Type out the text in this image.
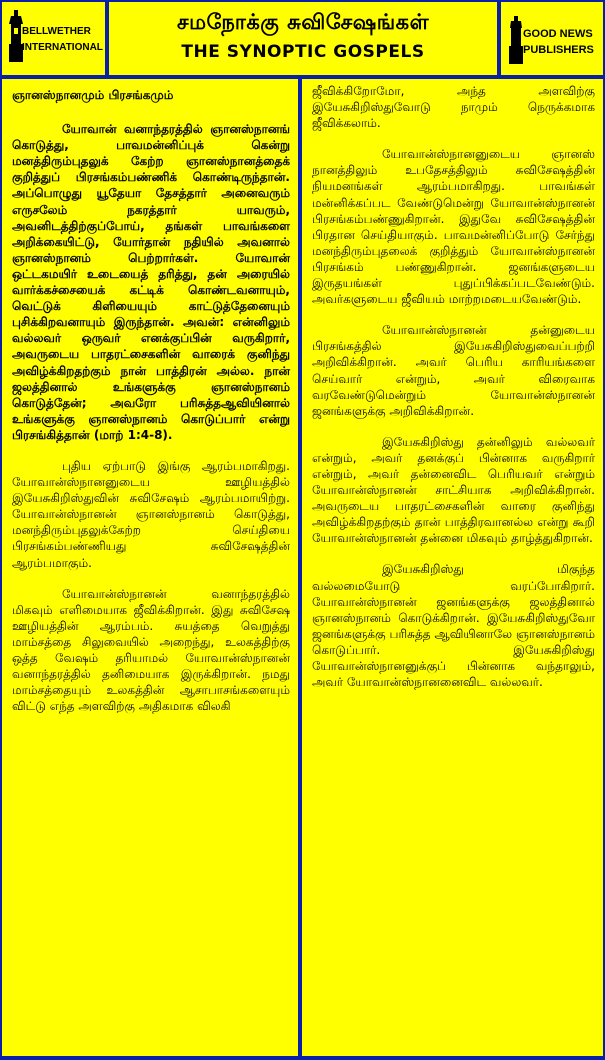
BELLWETHER
INTERNATIONAL
சமநோக்கு சுவிசேஷங்கள்
THE SYNOPTIC GOSPELS
GOOD NEWS
PUBLISHERS

ஞானஸ்நானமும் பிரசங்கமும்

யோவான் வனாந்தரத்தில் ஞானஸ்நானங் கொடுத்து, பாவமன்னிப்புக் கென்று மனத்திரும்புதலுக் கேற்ற ஞானஸ்நானத்தைக் குறித்துப் பிரசங்கம்பண்ணிக் கொண்டிருந்தான். அப்பொழுது யூதேயா தேசத்தார் அனைவரும் எருசலேம் நகரத்தார் யாவரும், அவனிடத்திற்குப்போய், தங்கள் பாவங்களை அறிக்கையிட்டு, யோர்தான் நதியில் அவனால் ஞானஸ்நானம் பெற்றார்கள். யோவான் ஒட்டகமயிர் உடையைத் தரித்து, தன் அரையில் வார்க்கச்சையைக் கட்டிக் கொண்டவனாயும், வெட்டுக் கிளியையும் காட்டுத்தேனையும் புசிக்கிறவனாயும் இருந்தான். அவன்: என்னிலும் வல்லவர் ஒருவர் எனக்குப்பின் வருகிறார், அவருடைய பாதரட்சைகளின் வாரைக் குனிந்து அவிழ்க்கிறதற்கும் நான் பாத்திரன் அல்ல. நான் ஜலத்தினால் உங்களுக்கு ஞானஸ்நானம் கொடுத்தேன்; அவரோ பரிசுத்தஆவியினால் உங்களுக்கு ஞானஸ்நானம் கொடுப்பார் என்று பிரசங்கித்தான் (மாற் 1:4-8).

புதிய ஏற்பாடு இங்கு ஆரம்பமாகிறது. யோவான்ஸ்நானனுடைய ஊழியத்தில் இயேசுகிறிஸ்துவின் சுவிசேஷம் ஆரம்பமாயிற்று. யோவான்ஸ்நானன் ஞானஸ்நானம் கொடுத்து, மனந்திரும்புதலுக்கேற்ற செய்தியை பிரசங்கம்பண்ணியது சுவிசேஷத்தின் ஆரம்பமாகும்.

யோவான்ஸ்நானன் வனாந்தரத்தில் மிகவும் எளிமையாக ஜீவிக்கிறான். இது சுவிசேஷ ஊழியத்தின் ஆரம்பம். சுயத்தை வெறுத்து மாம்சத்தை சிலுவையில் அறைந்து, உலகத்திற்கு ஒத்த வேஷம் தரியாமல் யோவான்ஸ்நானன் வனாந்தரத்தில் தனிமையாக இருக்கிறான். நமது மாம்சத்தையும் உலகத்தின் ஆசாபாசங்களையும் விட்டு எந்த அளவிற்கு அதிகமாக விலகி

ஜீவிக்கிறோமோ, அந்த அளவிற்கு இயேசுகிறிஸ்துவோடு நாமும் நெருக்கமாக ஜீவிக்கலாம்.

யோவான்ஸ்நானனுடைய ஞானஸ் நானத்திலும் உபதேசத்திலும் சுவிசேஷத்தின் நியமனங்கள் ஆரம்பமாகிறது. பாவங்கள் மன்னிக்கப்பட வேண்டுமென்று யோவான்ஸ்நானன் பிரசங்கம்பண்ணுகிறான். இதுவே சுவிசேஷத்தின் பிரதான செய்தியாகும். பாவமன்னிப்போடு சேர்ந்து மனந்திரும்புதலைக் குறித்தும் யோவான்ஸ்நானன் பிரசங்கம் பண்ணுகிறான். ஜனங்களுடைய இருதயங்கள் புதுப்பிக்கப்படவேண்டும். அவர்களுடைய ஜீவியம் மாற்றமடையவேண்டும்.

யோவான்ஸ்நானன் தன்னுடைய பிரசங்கத்தில் இயேசுகிறிஸ்துவைப்பற்றி அறிவிக்கிறான். அவர் பெரிய காரியங்களை செய்வார் என்றும், அவர் விரைவாக வரவேண்டுமென்றும் யோவான்ஸ்நானன் ஜனங்களுக்கு அறிவிக்கிறான்.

இயேசுகிறிஸ்து தன்னிலும் வல்லவர் என்றும், அவர் தனக்குப் பின்னாக வருகிறார் என்றும், அவர் தன்னைவிட பெரியவர் என்றும் யோவான்ஸ்நானன் சாட்சியாக அறிவிக்கிறான். அவருடைய பாதரட்சைகளின் வாரை குனிந்து அவிழ்க்கிறதற்கும் தான் பாத்திரவானல்ல என்று கூறி யோவான்ஸ்நானன் தன்னை மிகவும் தாழ்த்துகிறான்.

இயேசுகிறிஸ்து மிகுந்த வல்லமையோடு வரப்போகிறார். யோவான்ஸ்நானன் ஜனங்களுக்கு ஜலத்தினால் ஞானஸ்நானம் கொடுக்கிறான். இயேசுகிறிஸ்துவோ ஜனங்களுக்கு பரிசுத்த ஆவியினாலே ஞானஸ்நானம் கொடுப்பார். இயேசுகிறிஸ்து யோவான்ஸ்நானனுக்குப் பின்னாக வந்தாலும், அவர் யோவான்ஸ்நானனைவிட வல்லவர்.
